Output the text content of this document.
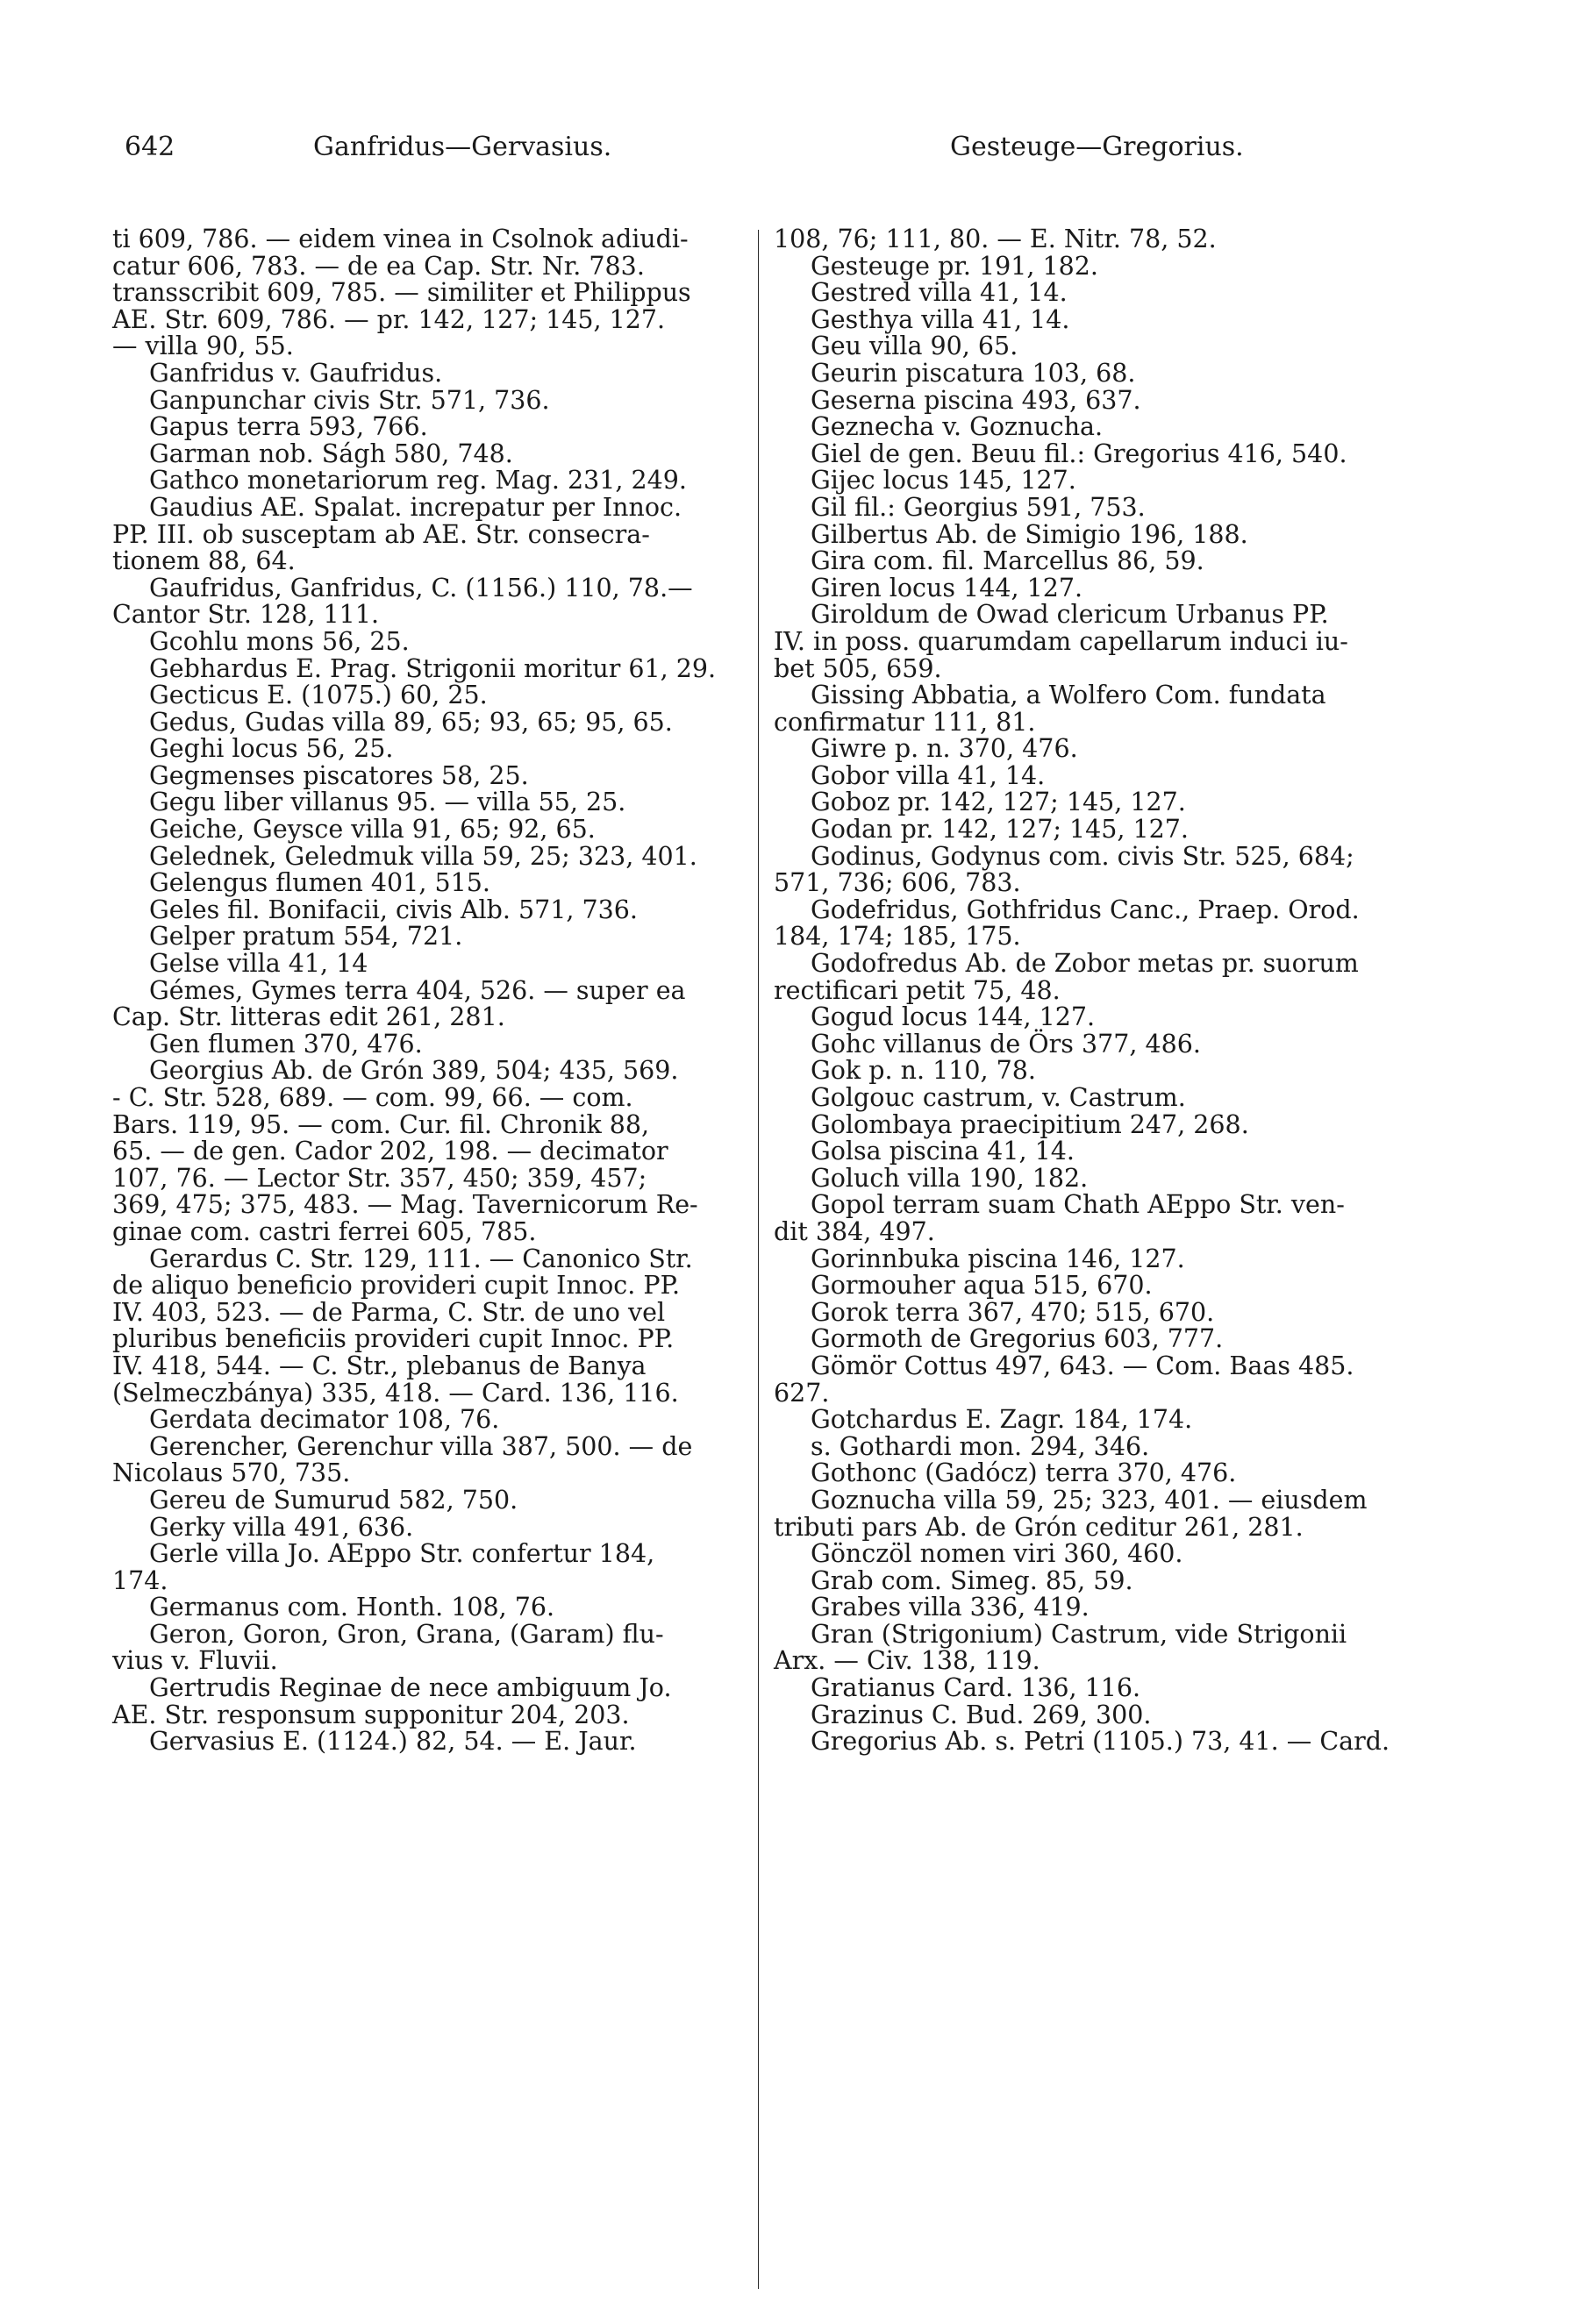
642	Ganfridus—Gervasius.	Gesteuge—Gregorius.

ti 609, 786. — eidem vinea in Csolnok adiudi-

catur 606, 783. — de ea Cap. Str. Nr. 783.

transscribit 609, 785. — similiter et Philippus

AE. Str. 609, 786. — pr. 142, 127; 145, 127.

— villa 90, 55.

Ganfridus v. Gaufridus.

Ganpunchar civis Str. 571, 736.

Gapus terra 593, 766.

Garman nob. Ságh 580, 748.

Gathco monetariorum reg. Mag. 231, 249.

Gaudius AE. Spalat. increpatur per Innoc.

PP. III. ob susceptam ab AE. Str. consecra-

tionem 88, 64.

Gaufridus, Ganfridus, C. (1156.) 110, 78.—

Cantor Str. 128, 111.

Gcohlu mons 56, 25.

Gebhardus E. Prag. Strigonii moritur 61, 29.

Gecticus E. (1075.) 60, 25.

Gedus, Gudas villa 89, 65; 93, 65; 95, 65.

Geghi locus 56, 25.

Gegmenses piscatores 58, 25.

Gegu liber villanus 95. — villa 55, 25.

Geiche, Geysce villa 91, 65; 92, 65.

Gelednek, Geledmuk villa 59, 25; 323, 401.

Gelengus flumen 401, 515.

Geles fil. Bonifacii, civis Alb. 571, 736.

Gelper pratum 554, 721.

Gelse villa 41, 14

Gémes, Gymes terra 404, 526. — super ea

Cap. Str. litteras edit 261, 281.

Gen flumen 370, 476.

Georgius Ab. de Grón 389, 504; 435, 569.

- C. Str. 528, 689. — com. 99, 66. — com.

Bars. 119, 95. — com. Cur. fil. Chronik 88,

65. — de gen. Cador 202, 198. — decimator

107, 76. — Lector Str. 357, 450; 359, 457;

369, 475; 375, 483. — Mag. Tavernicorum Re-

ginae com. castri ferrei 605, 785.

Gerardus C. Str. 129, 111. — Canonico Str.

de aliquo beneficio provideri cupit Innoc. PP.

IV. 403, 523. — de Parma, C. Str. de uno vel

pluribus beneficiis provideri cupit Innoc. PP.

IV. 418, 544. — C. Str., plebanus de Banya

(Selmeczbánya) 335, 418. — Card. 136, 116.

Gerdata decimator 108, 76.

Gerencher, Gerenchur villa 387, 500. — de

Nicolaus 570, 735.

Gereu de Sumurud 582, 750.

Gerky villa 491, 636.

Gerle villa Jo. AEppo Str. confertur 184,

174.

Germanus com. Honth. 108, 76.

Geron, Goron, Gron, Grana, (Garam) flu-

vius v. Fluvii.

Gertrudis Reginae de nece ambiguum Jo.

AE. Str. responsum supponitur 204, 203.

Gervasius E. (1124.) 82, 54. — E. Jaur.

108, 76; 111, 80. — E. Nitr. 78, 52.

Gesteuge pr. 191, 182.

Gestred villa 41, 14.

Gesthya villa 41, 14.

Geu villa 90, 65.

Geurin piscatura 103, 68.

Geserna piscina 493, 637.

Geznecha v. Goznucha.

Giel de gen. Beuu fil.: Gregorius 416, 540.

Gijec locus 145, 127.

Gil fil.: Georgius 591, 753.

Gilbertus Ab. de Simigio 196, 188.

Gira com. fil. Marcellus 86, 59.

Giren locus 144, 127.

Giroldum de Owad clericum Urbanus PP.

IV. in poss. quarumdam capellarum induci iu-

bet 505, 659.

Gissing Abbatia, a Wolfero Com. fundata

confirmatur 111, 81.

Giwre p. n. 370, 476.

Gobor villa 41, 14.

Goboz pr. 142, 127; 145, 127.

Godan pr. 142, 127; 145, 127.

Godinus, Godynus com. civis Str. 525, 684;

571, 736; 606, 783.

Godefridus, Gothfridus Canc., Praep. Orod.

184, 174; 185, 175.

Godofredus Ab. de Zobor metas pr. suorum

rectificari petit 75, 48.

Gogud locus 144, 127.

Gohc villanus de Örs 377, 486.

Gok p. n. 110, 78.

Golgouc castrum, v. Castrum.

Golombaya praecipitium 247, 268.

Golsa piscina 41, 14.

Goluch villa 190, 182.

Gopol terram suam Chath AEppo Str. ven-

dit 384, 497.

Gorinnbuka piscina 146, 127.

Gormouher aqua 515, 670.

Gorok terra 367, 470; 515, 670.

Gormoth de Gregorius 603, 777.

Gömör Cottus 497, 643. — Com. Baas 485.

627.

Gotchardus E. Zagr. 184, 174.

s. Gothardi mon. 294, 346.

Gothonc (Gadócz) terra 370, 476.

Goznucha villa 59, 25; 323, 401. — eiusdem

tributi pars Ab. de Grón ceditur 261, 281.

Gönczöl nomen viri 360, 460.

Grab com. Simeg. 85, 59.

Grabes villa 336, 419.

Gran (Strigonium) Castrum, vide Strigonii

Arx. — Civ. 138, 119.

Gratianus Card. 136, 116.

Grazinus C. Bud. 269, 300.

Gregorius Ab. s. Petri (1105.) 73, 41. — Card.
